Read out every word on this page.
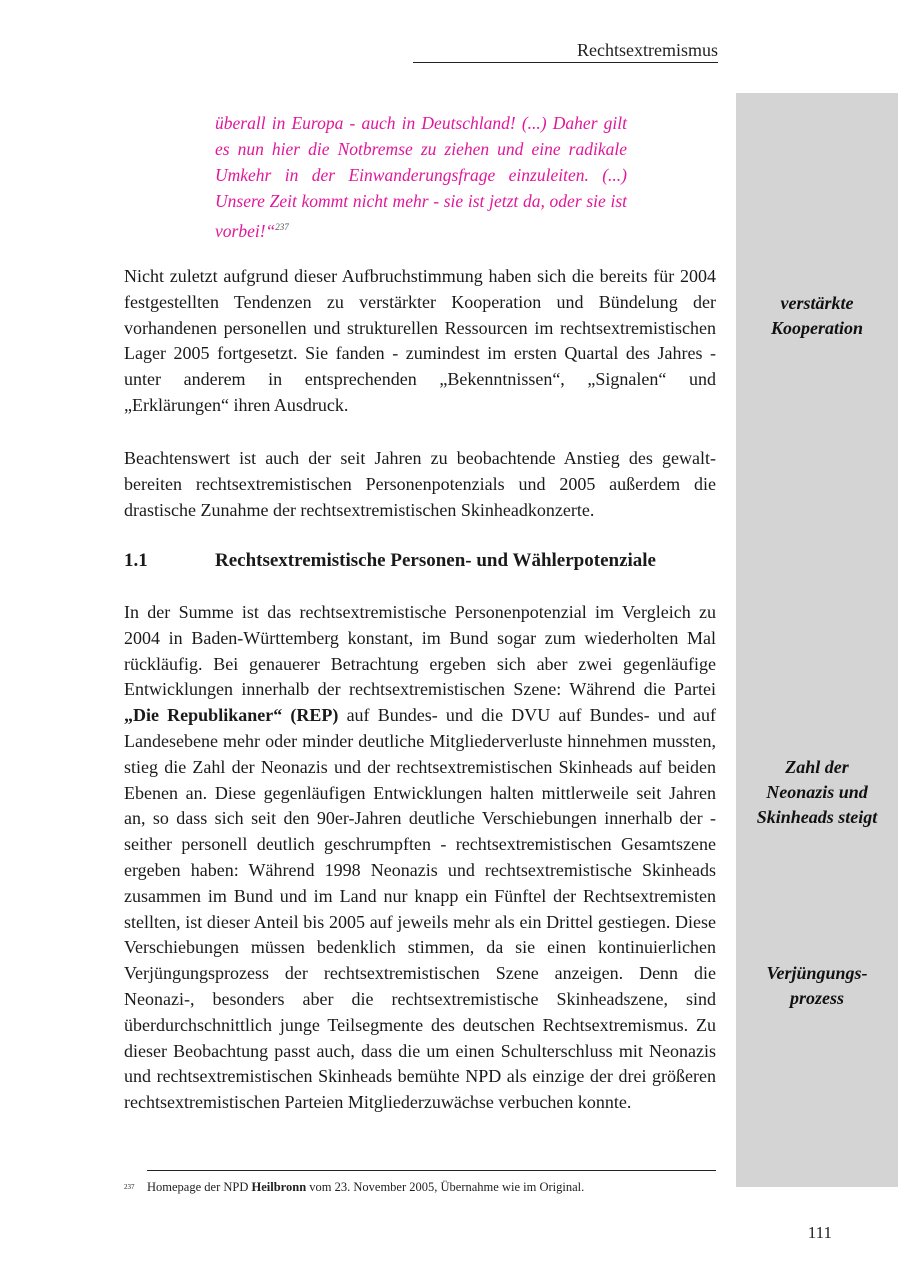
Rechtsextremismus
überall in Europa - auch in Deutschland! (...) Daher gilt es nun hier die Notbremse zu ziehen und eine radikale Umkehr in der Einwanderungsfrage einzuleiten. (...) Unsere Zeit kommt nicht mehr - sie ist jetzt da, oder sie ist vorbei!“$^{237}$
Nicht zuletzt aufgrund dieser Aufbruchstimmung haben sich die bereits für 2004 festgestellten Tendenzen zu verstärkter Kooperation und Bündelung der vorhandenen personellen und strukturellen Ressourcen im rechtsextremistischen Lager 2005 fortgesetzt. Sie fanden - zumindest im ersten Quartal des Jahres - unter anderem in entsprechenden „Bekenntnissen“, „Signalen“ und „Erklärungen“ ihren Ausdruck.
verstärkte
Kooperation
Beachtenswert ist auch der seit Jahren zu beobachtende Anstieg des gewaltbereiten rechtsextremistischen Personenpotenzials und 2005 außerdem die drastische Zunahme der rechtsextremistischen Skinheadkonzerte.
1.1	Rechtsextremistische Personen- und Wählerpotenziale
In der Summe ist das rechtsextremistische Personenpotenzial im Vergleich zu 2004 in Baden-Württemberg konstant, im Bund sogar zum wiederholten Mal rückläufig. Bei genauerer Betrachtung ergeben sich aber zwei gegenläufige Entwicklungen innerhalb der rechtsextremistischen Szene: Während die Partei „Die Republikaner“ (REP) auf Bundes- und die DVU auf Bundes- und auf Landesebene mehr oder minder deutliche Mitgliederverluste hinnehmen mussten, stieg die Zahl der Neonazis und der rechtsextremistischen Skinheads auf beiden Ebenen an. Diese gegenläufigen Entwicklungen halten mittlerweile seit Jahren an, so dass sich seit den 90er-Jahren deutliche Verschiebungen innerhalb der - seither personell deutlich geschrumpften - rechtsextremistischen Gesamtszene ergeben haben: Während 1998 Neonazis und rechtsextremistische Skinheads zusammen im Bund und im Land nur knapp ein Fünftel der Rechtsextremisten stellten, ist dieser Anteil bis 2005 auf jeweils mehr als ein Drittel gestiegen. Diese Verschiebungen müssen bedenklich stimmen, da sie einen kontinuierlichen Verjüngungsprozess der rechtsextremistischen Szene anzeigen. Denn die Neonazi-, besonders aber die rechtsextremistische Skinheadszene, sind überdurchschnittlich junge Teilsegmente des deutschen Rechtsextremismus. Zu dieser Beobachtung passt auch, dass die um einen Schulterschluss mit Neonazis und rechtsextremistischen Skinheads bemühte NPD als einzige der drei größeren rechtsextremistischen Parteien Mitgliederzuwächse verbuchen konnte.
Zahl der
Neonazis und
Skinheads steigt
Verjüngungs-
prozess
237 Homepage der NPD Heilbronn vom 23. November 2005, Übernahme wie im Original.
111
